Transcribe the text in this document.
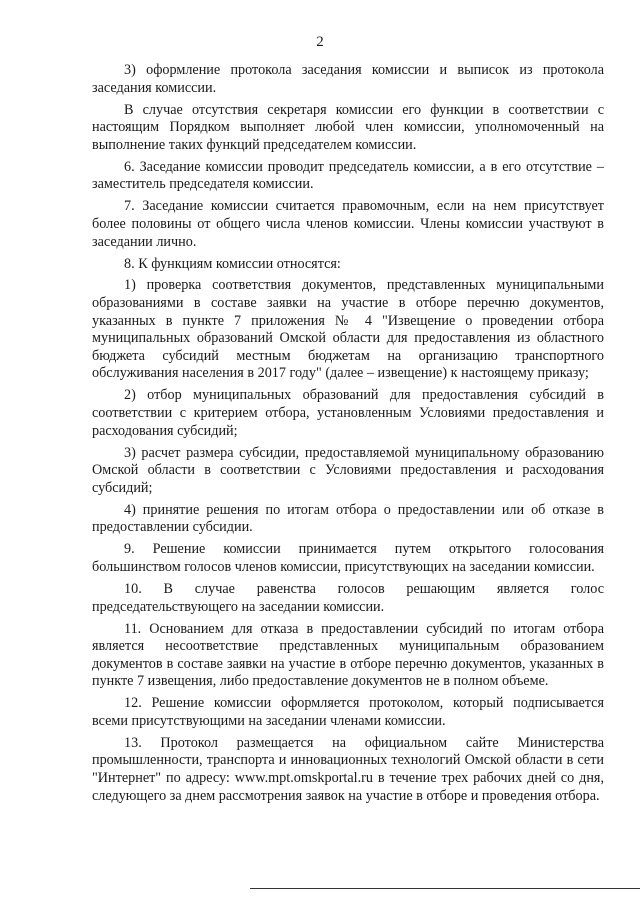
2

3) оформление протокола заседания комиссии и выписок из протокола заседания комиссии.

В случае отсутствия секретаря комиссии его функции в соответствии с настоящим Порядком выполняет любой член комиссии, уполномоченный на выполнение таких функций председателем комиссии.

6. Заседание комиссии проводит председатель комиссии, а в его отсутствие – заместитель председателя комиссии.

7. Заседание комиссии считается правомочным, если на нем присутствует более половины от общего числа членов комиссии. Члены комиссии участвуют в заседании лично.

8. К функциям комиссии относятся:

1) проверка соответствия документов, представленных муниципальными образованиями в составе заявки на участие в отборе перечню документов, указанных в пункте 7 приложения № 4 "Извещение о проведении отбора муниципальных образований Омской области для предоставления из областного бюджета субсидий местным бюджетам на организацию транспортного обслуживания населения в 2017 году" (далее – извещение) к настоящему приказу;

2) отбор муниципальных образований для предоставления субсидий в соответствии с критерием отбора, установленным Условиями предоставления и расходования субсидий;

3) расчет размера субсидии, предоставляемой муниципальному образованию Омской области в соответствии с Условиями предоставления и расходования субсидий;

4) принятие решения по итогам отбора о предоставлении или об отказе в предоставлении субсидии.

9. Решение комиссии принимается путем открытого голосования большинством голосов членов комиссии, присутствующих на заседании комиссии.

10. В случае равенства голосов решающим является голос председательствующего на заседании комиссии.

11. Основанием для отказа в предоставлении субсидий по итогам отбора является несоответствие представленных муниципальным образованием документов в составе заявки на участие в отборе перечню документов, указанных в пункте 7 извещения, либо предоставление документов не в полном объеме.

12. Решение комиссии оформляется протоколом, который подписывается всеми присутствующими на заседании членами комиссии.

13. Протокол размещается на официальном сайте Министерства промышленности, транспорта и инновационных технологий Омской области в сети "Интернет" по адресу: www.mpt.omskportal.ru в течение трех рабочих дней со дня, следующего за днем рассмотрения заявок на участие в отборе и проведения отбора.
